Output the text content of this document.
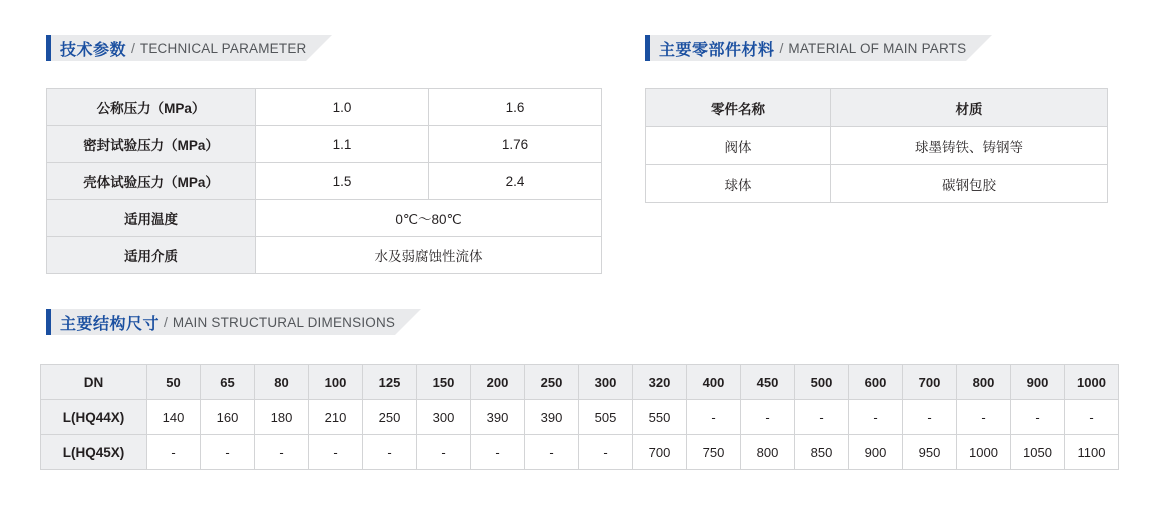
技术参数 / TECHNICAL PARAMETER
公称压力（MPa）	1.0	1.6
密封试验压力（MPa）	1.1	1.76
壳体试验压力（MPa）	1.5	2.4
适用温度	0℃～80℃	
适用介质	水及弱腐蚀性流体	
主要零部件材料 / MATERIAL OF MAIN PARTS
零件名称	材质
阀体	球墨铸铁、铸钢等
球体	碳钢包胶
主要结构尺寸 / MAIN STRUCTURAL DIMENSIONS
DN	50	65	80	100	125	150	200	250	300	320	400	450	500	600	700	800	900	1000
L(HQ44X)	140	160	180	210	250	300	390	390	505	550	-	-	-	-	-	-	-	-
L(HQ45X)	-	-	-	-	-	-	-	-	-	700	750	800	850	900	950	1000	1050	1100
